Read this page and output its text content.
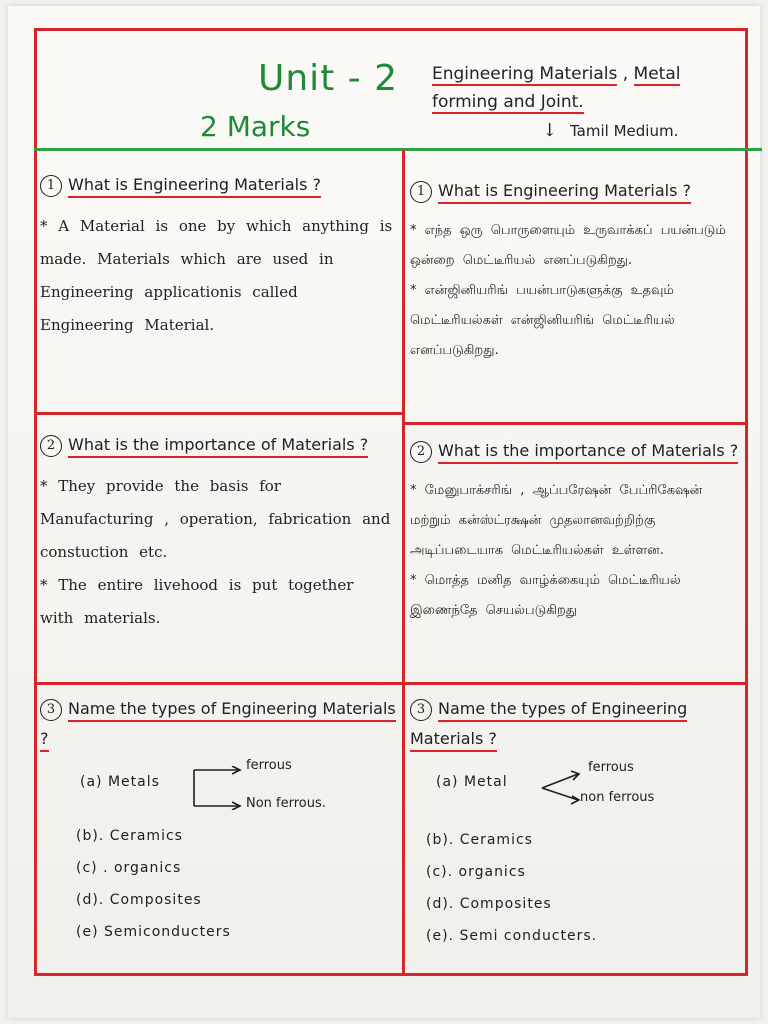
Unit - 2
2 Marks
Engineering Materials , Metal
forming and Joint.
↓ Tamil Medium.
1 What is Engineering Materials ?

* A Material is one by which anything is made. Materials which are used in Engineering applicationis called Engineering Material.

1 What is Engineering Materials ?

* எந்த ஒரு பொருளையும் உருவாக்கப் பயன்படும் ஒன்றை மெட்டீரியல் எனப்படுகிறது.

* என்ஜினியரிங் பயன்பாடுகளுக்கு உதவும் மெட்டீரியல்கள் என்ஜினியரிங் மெட்டீரியல் எனப்படுகிறது.

2 What is the importance of Materials ?

* They provide the basis for Manufacturing , operation, fabrication and constuction etc.

* The entire livehood is put together with materials.

2 What is the importance of Materials ?

* மேனுபாக்சரிங் , ஆப்பரேஷன் பேப்ரிகேஷன் மற்றும் கன்ஸ்ட்ரக்ஷன் முதலானவற்றிற்கு அடிப்படையாக மெட்டீரியல்கள் உள்ளன.

* மொத்த மனித வாழ்க்கையும் மெட்டீரியல் இணைந்தே செயல்படுகிறது

3 Name the types of Engineering Materials ?
(a) Metals
ferrous
Non ferrous.
(b). Ceramics
(c) . organics
(d). Composites
(e) Semiconducters
3 Name the types of Engineering Materials ?
(a) Metal
ferrous
non ferrous
(b). Ceramics
(c). organics
(d). Composites
(e). Semi conducters.
